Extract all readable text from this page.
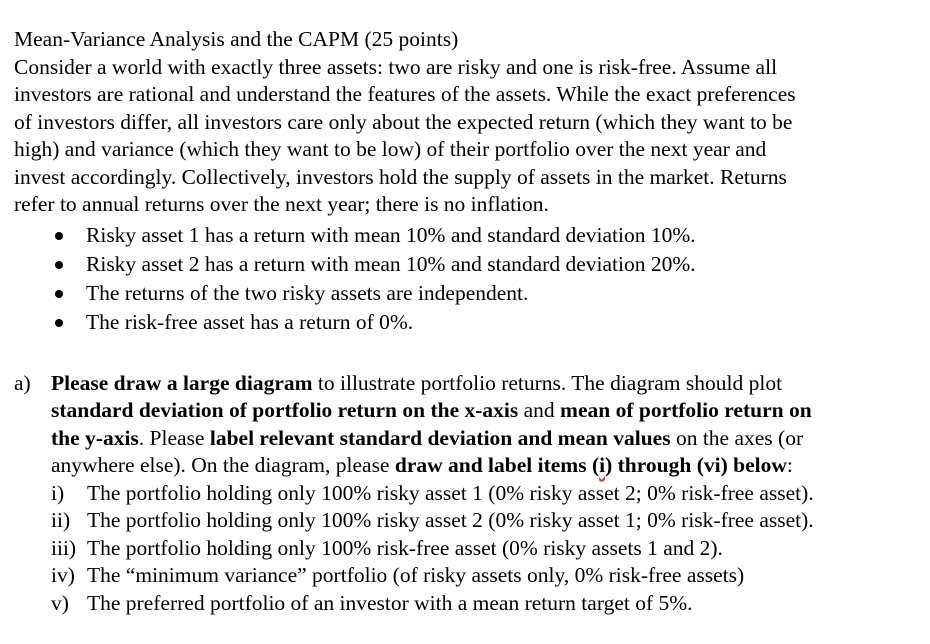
Mean-Variance Analysis and the CAPM (25 points)
Consider a world with exactly three assets: two are risky and one is risk-free. Assume all
investors are rational and understand the features of the assets. While the exact preferences
of investors differ, all investors care only about the expected return (which they want to be
high) and variance (which they want to be low) of their portfolio over the next year and
invest accordingly. Collectively, investors hold the supply of assets in the market. Returns
refer to annual returns over the next year; there is no inflation.
Risky asset 1 has a return with mean 10% and standard deviation 10%.
Risky asset 2 has a return with mean 10% and standard deviation 20%.
The returns of the two risky assets are independent.
The risk-free asset has a return of 0%.
a) Please draw a large diagram to illustrate portfolio returns. The diagram should plot
standard deviation of portfolio return on the x-axis and mean of portfolio return on
the y-axis. Please label relevant standard deviation and mean values on the axes (or
anywhere else). On the diagram, please draw and label items (i) through (vi) below:
i) The portfolio holding only 100% risky asset 1 (0% risky asset 2; 0% risk-free asset).
ii) The portfolio holding only 100% risky asset 2 (0% risky asset 1; 0% risk-free asset).
iii) The portfolio holding only 100% risk-free asset (0% risky assets 1 and 2).
iv) The “minimum variance” portfolio (of risky assets only, 0% risk-free assets)
v) The preferred portfolio of an investor with a mean return target of 5%.
